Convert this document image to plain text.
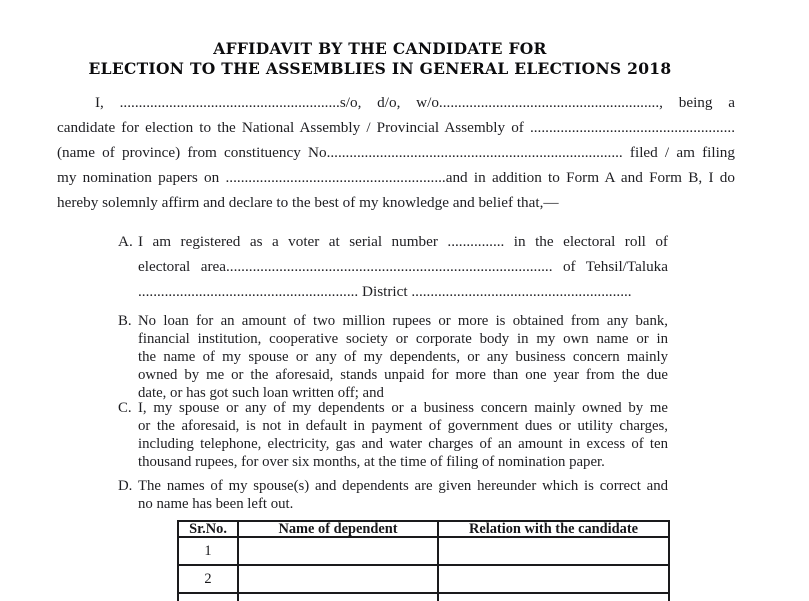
AFFIDAVIT BY THE CANDIDATE FOR
ELECTION TO THE ASSEMBLIES IN GENERAL ELECTIONS 2018
I, ..........................................................s/o, d/o, w/o.........................................................., being a
candidate for election to the National Assembly / Provincial Assembly of ......................................................
(name of province) from constituency No.............................................................................. filed / am filing
my nomination papers on ..........................................................and in addition to Form A and Form B, I do
hereby solemnly affirm and declare to the best of my knowledge and belief that,—
A. I am registered as a voter at serial number ............... in the electoral roll of
electoral area...................................................................................... of Tehsil/Taluka
.......................................................... District ..........................................................
B. No loan for an amount of two million rupees or more is obtained from any bank,
financial institution, cooperative society or corporate body in my own name or in
the name of my spouse or any of my dependents, or any business concern mainly
owned by me or the aforesaid, stands unpaid for more than one year from the due
date, or has got such loan written off; and
C. I, my spouse or any of my dependents or a business concern mainly owned by me
or the aforesaid, is not in default in payment of government dues or utility charges,
including telephone, electricity, gas and water charges of an amount in excess of ten
thousand rupees, for over six months, at the time of filing of nomination paper.
D. The names of my spouse(s) and dependents are given hereunder which is correct and
no name has been left out.
Sr.No.	Name of dependent	Relation with the candidate
1		
2		
